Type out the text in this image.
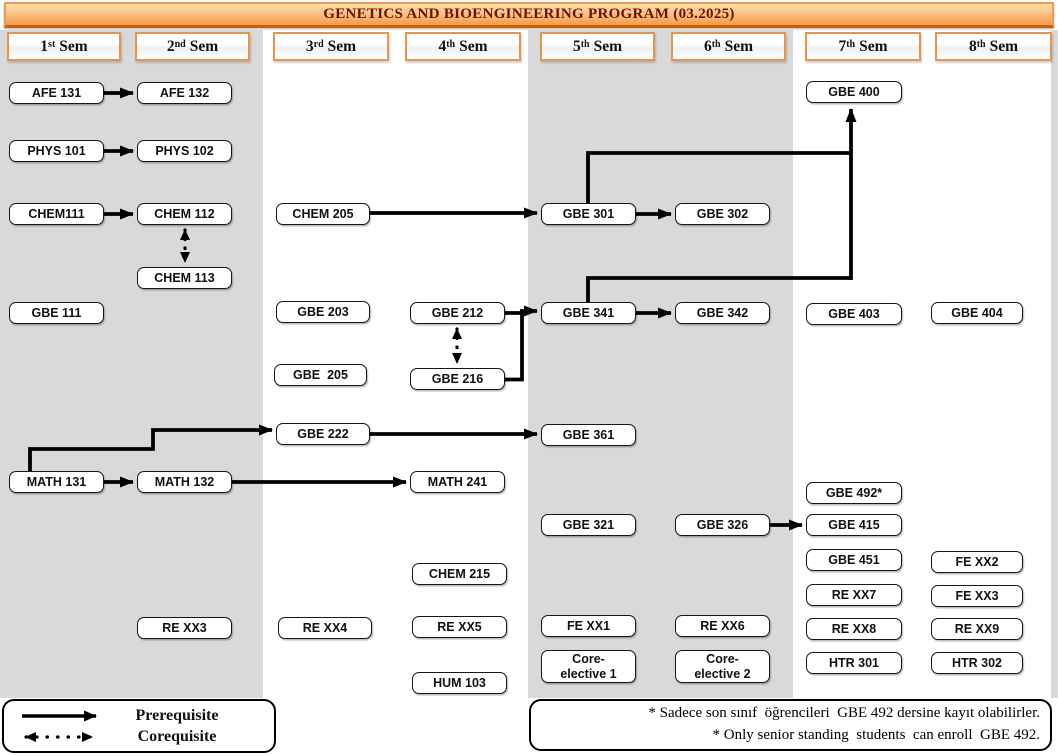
GENETICS AND BIOENGINEERING PROGRAM (03.2025)
1 st Sem	2 nd Sem	3 rd Sem	4 th Sem	5 th Sem	6 th Sem	7 th Sem	8 th Sem
AFE 131
PHYS 101
CHEM111
GBE 111
MATH 131
AFE 132
PHYS 102
CHEM 112
CHEM 113
MATH 132
RE XX3
CHEM 205
GBE 203
GBE  205
GBE 222
RE XX4
GBE 212
GBE 216
MATH 241
CHEM 215
RE XX5
HUM 103
GBE 301
GBE 341
GBE 361
GBE 321
FE XX1
Core-
elective 1
GBE 302
GBE 342
GBE 326
RE XX6
Core-
elective 2
GBE 400
GBE 403
GBE 492*
GBE 415
GBE 451
RE XX7
RE XX8
HTR 301
GBE 404
FE XX2
FE XX3
RE XX9
HTR 302
Prerequisite
Corequisite
* Sadece son sınıf  öğrencileri  GBE 492 dersine kayıt olabilirler.
* Only senior standing  students  can enroll  GBE 492.
